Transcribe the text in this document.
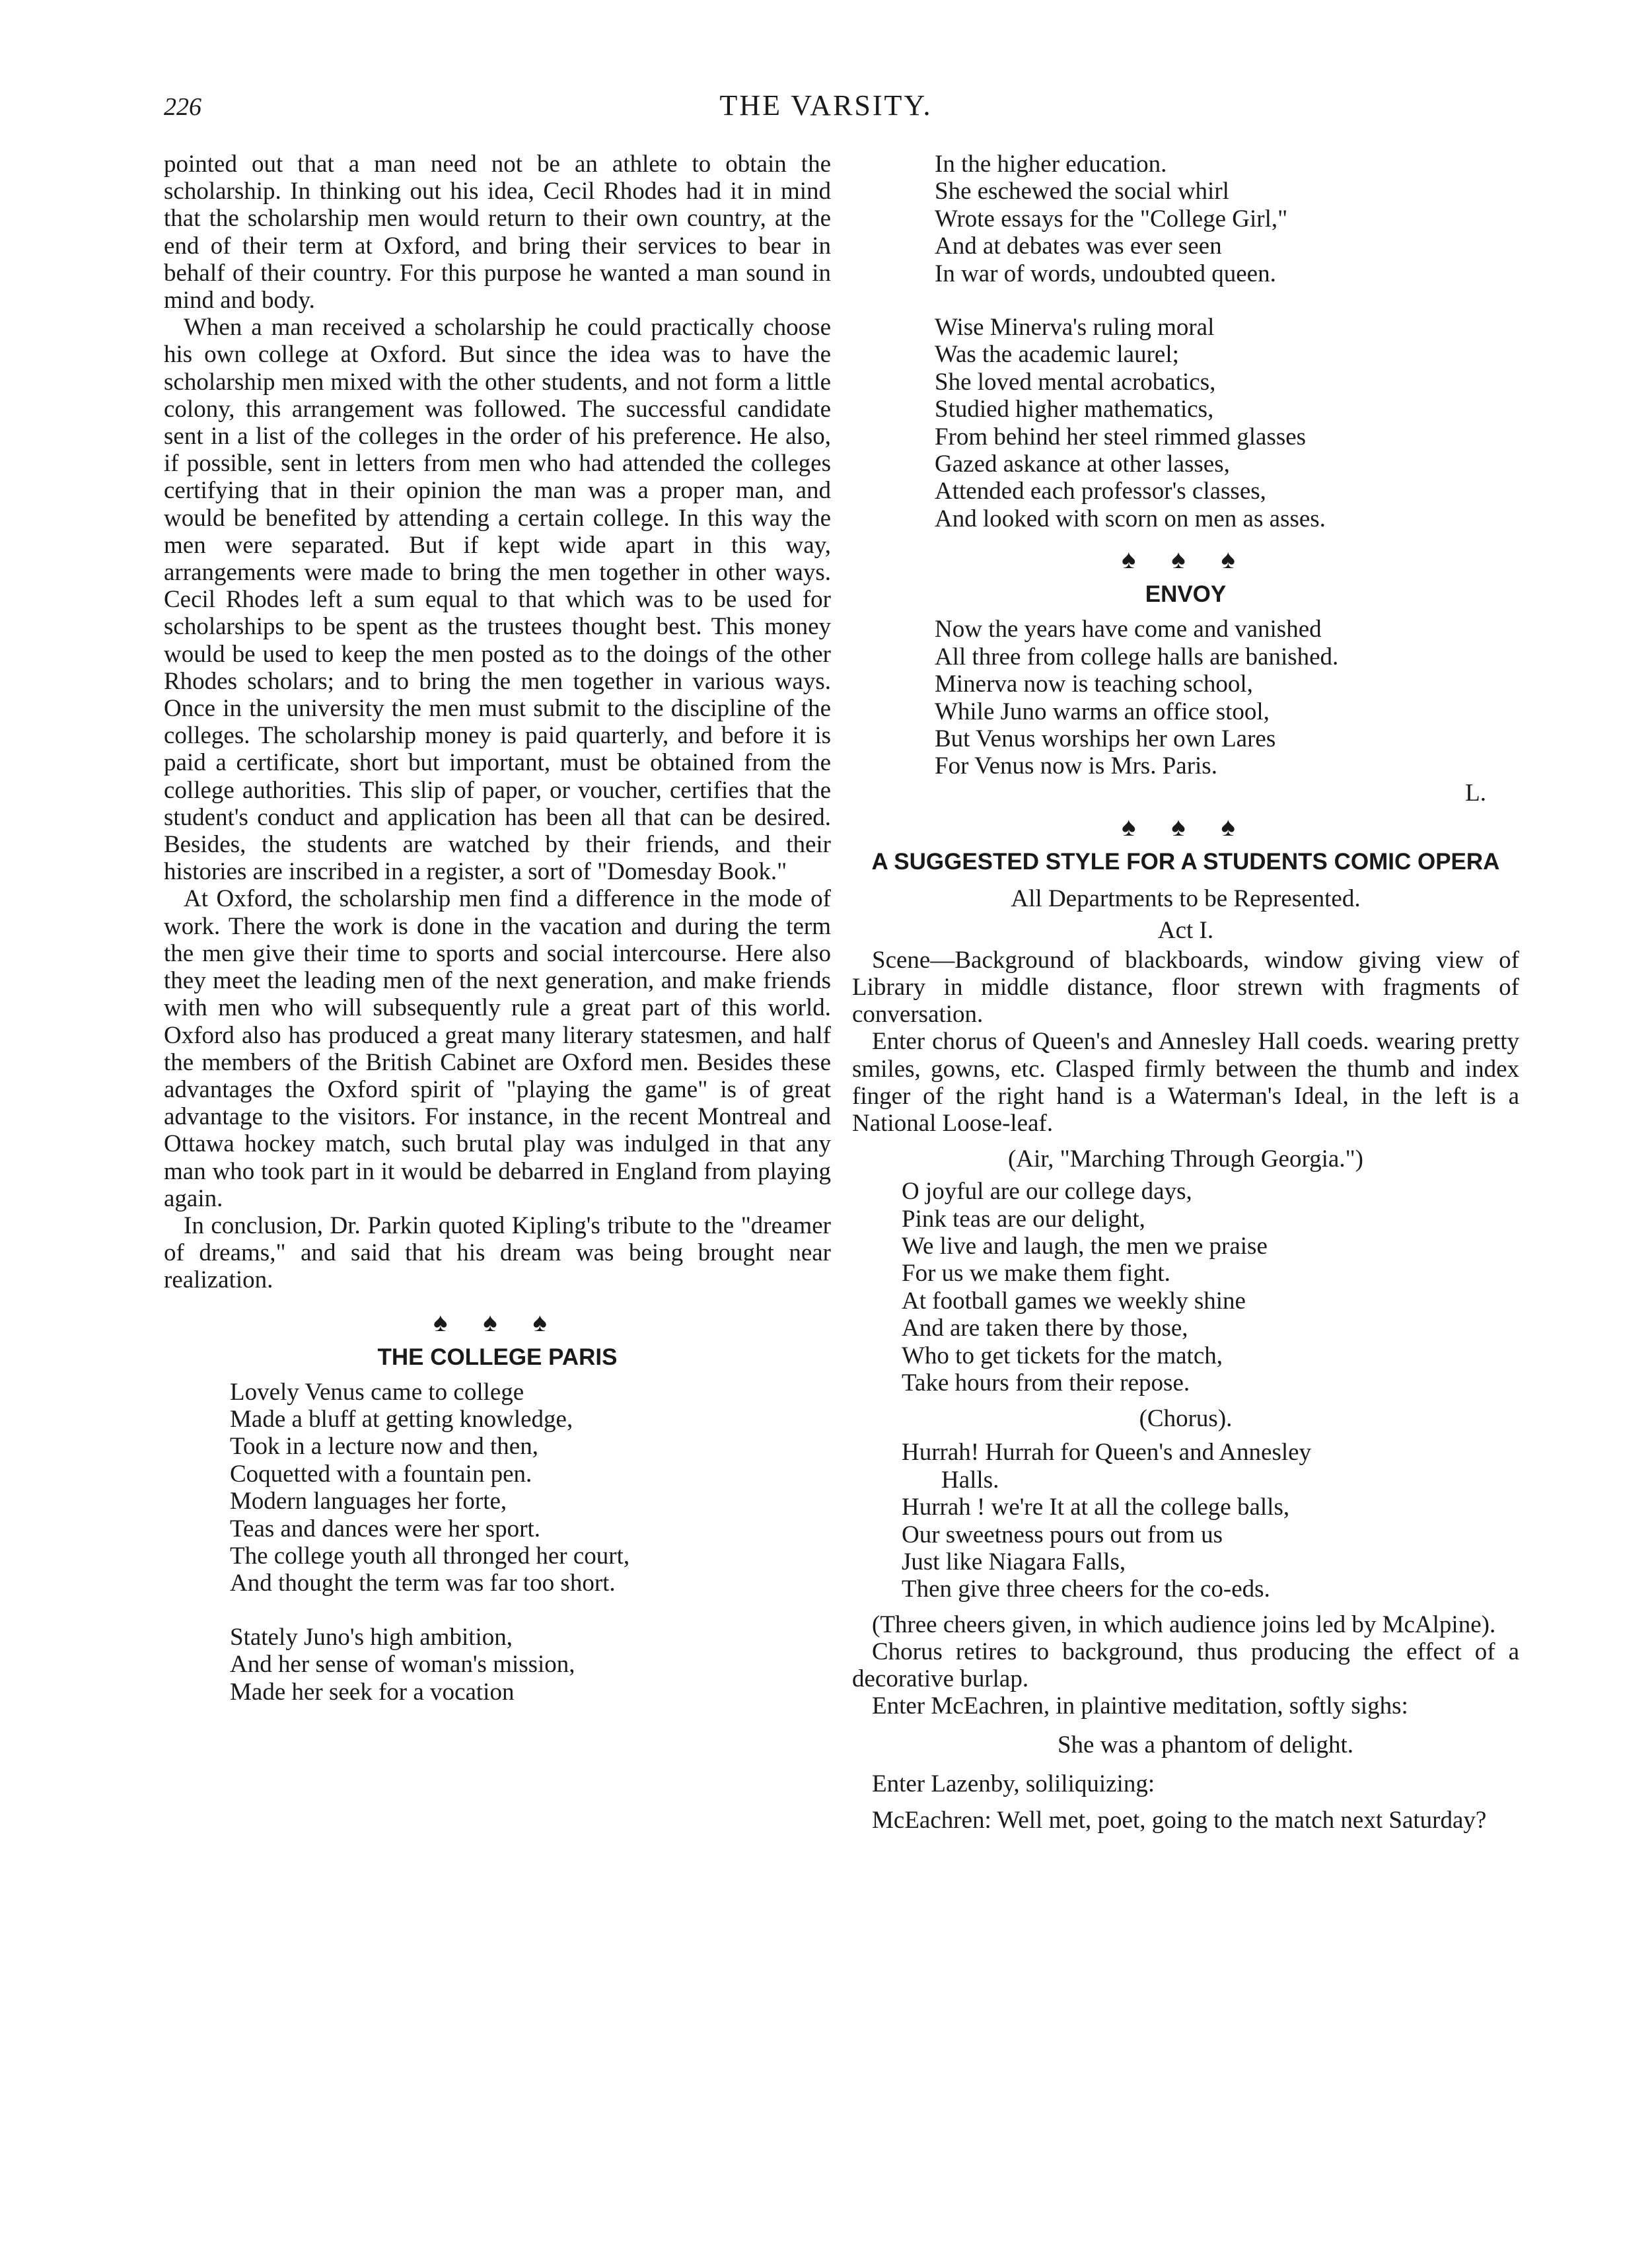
226	THE VARSITY.

pointed out that a man need not be an athlete to obtain the scholarship. In thinking out his idea, Cecil Rhodes had it in mind that the scholarship men would return to their own country, at the end of their term at Oxford, and bring their services to bear in behalf of their country. For this purpose he wanted a man sound in mind and body.

When a man received a scholarship he could practically choose his own college at Oxford. But since the idea was to have the scholarship men mixed with the other students, and not form a little colony, this arrangement was followed. The successful candidate sent in a list of the colleges in the order of his preference. He also, if possible, sent in letters from men who had attended the colleges certifying that in their opinion the man was a proper man, and would be benefited by attending a certain college. In this way the men were separated. But if kept wide apart in this way, arrangements were made to bring the men together in other ways. Cecil Rhodes left a sum equal to that which was to be used for scholarships to be spent as the trustees thought best. This money would be used to keep the men posted as to the doings of the other Rhodes scholars; and to bring the men together in various ways. Once in the university the men must submit to the discipline of the colleges. The scholarship money is paid quarterly, and before it is paid a certificate, short but important, must be obtained from the college authorities. This slip of paper, or voucher, certifies that the student's conduct and application has been all that can be desired. Besides, the students are watched by their friends, and their histories are inscribed in a register, a sort of "Domesday Book."

At Oxford, the scholarship men find a difference in the mode of work. There the work is done in the vacation and during the term the men give their time to sports and social intercourse. Here also they meet the leading men of the next generation, and make friends with men who will subsequently rule a great part of this world. Oxford also has produced a great many literary statesmen, and half the members of the British Cabinet are Oxford men. Besides these advantages the Oxford spirit of "playing the game" is of great advantage to the visitors. For instance, in the recent Montreal and Ottawa hockey match, such brutal play was indulged in that any man who took part in it would be debarred in England from playing again.

In conclusion, Dr. Parkin quoted Kipling's tribute to the "dreamer of dreams," and said that his dream was being brought near realization.

♠ ♠ ♠
THE COLLEGE PARIS
Lovely Venus came to college
Made a bluff at getting knowledge,
Took in a lecture now and then,
Coquetted with a fountain pen.
Modern languages her forte,
Teas and dances were her sport.
The college youth all thronged her court,
And thought the term was far too short.
Stately Juno's high ambition,
And her sense of woman's mission,
Made her seek for a vocation
In the higher education.
She eschewed the social whirl
Wrote essays for the "College Girl,"
And at debates was ever seen
In war of words, undoubted queen.
Wise Minerva's ruling moral
Was the academic laurel;
She loved mental acrobatics,
Studied higher mathematics,
From behind her steel rimmed glasses
Gazed askance at other lasses,
Attended each professor's classes,
And looked with scorn on men as asses.
♠ ♠ ♠
ENVOY
Now the years have come and vanished
All three from college halls are banished.
Minerva now is teaching school,
While Juno warms an office stool,
But Venus worships her own Lares
For Venus now is Mrs. Paris.
L.
♠ ♠ ♠
A SUGGESTED STYLE FOR A STUDENTS COMIC OPERA
All Departments to be Represented.
Act I.

Scene—Background of blackboards, window giving view of Library in middle distance, floor strewn with fragments of conversation.

Enter chorus of Queen's and Annesley Hall coeds. wearing pretty smiles, gowns, etc. Clasped firmly between the thumb and index finger of the right hand is a Waterman's Ideal, in the left is a National Loose-leaf.

(Air, "Marching Through Georgia.")
O joyful are our college days,
Pink teas are our delight,
We live and laugh, the men we praise
For us we make them fight.
At football games we weekly shine
And are taken there by those,
Who to get tickets for the match,
Take hours from their repose.
(Chorus).
Hurrah! Hurrah for Queen's and Annesley
Halls.
Hurrah ! we're It at all the college balls,
Our sweetness pours out from us
Just like Niagara Falls,
Then give three cheers for the co-eds.

(Three cheers given, in which audience joins led by McAlpine).

Chorus retires to background, thus producing the effect of a decorative burlap.

Enter McEachren, in plaintive meditation, softly sighs:

She was a phantom of delight.

Enter Lazenby, soliliquizing:

McEachren: Well met, poet, going to the match next Saturday?
